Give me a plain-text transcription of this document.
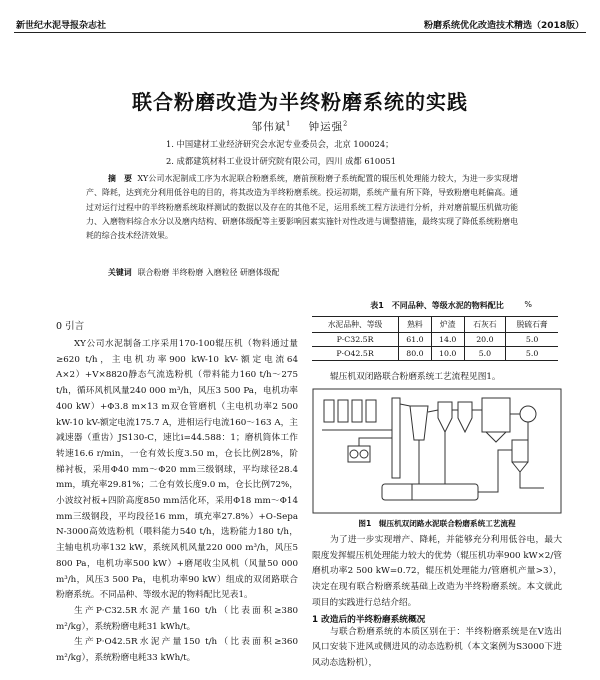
新世纪水泥导报杂志社	粉磨系统优化改造技术精选（2018版）
联合粉磨改造为半终粉磨系统的实践
邹伟斌$^1$ 钟运强$^2$
1. 中国建材工业经济研究会水泥专业委员会，北京 100024；
2. 成都建筑材料工业设计研究院有限公司，四川 成都 610051
摘　要 XY公司水泥制成工序为水泥联合粉磨系统，磨前预粉磨子系统配置的辊压机处理能力较大，为进一步实现增产、降耗，达到充分利用低谷电的目的，将其改造为半终粉磨系统。投运初期，系统产量有所下降，导致粉磨电耗偏高。通过对运行过程中的半终粉磨系统取样测试的数据以及存在的其他不足，运用系统工程方法进行分析，并对磨前辊压机做功能力、入磨物料综合水分以及磨内结构、研磨体级配等主要影响因素实施针对性改进与调整措施，最终实现了降低系统粉磨电耗的综合技术经济效果。
关键词 联合粉磨 半终粉磨 入磨粒径 研磨体级配
0 引言
XY公司水泥制备工序采用170-100辊压机（物料通过量≥620 t/h，主电机功率900 kW-10 kV-额定电流64 A×2）+V×8820静态气流选粉机（带料能力160 t/h～275 t/h，循环风机风量240 000 m³/h，风压3 500 Pa，电机功率400 kW）+Φ3.8 m×13 m双仓管磨机（主电机功率2 500 kW-10 kV-额定电流175.7 A，进相运行电流160～163 A，主减速器（重齿）JS130-C，速比i=44.588：1；磨机筒体工作转速16.6 r/min，一仓有效长度3.50 m，仓长比例28%，阶梯衬板，采用Φ40 mm～Φ20 mm三级钢球，平均球径28.4 mm，填充率29.81%；二仓有效长度9.0 m，仓长比例72%，小波纹衬板+四阶高度850 mm活化环，采用Φ18 mm～Φ14 mm三级钢段，平均段径16 mm，填充率27.8%）+O-Sepa N-3000高效选粉机（喂料能力540 t/h，选粉能力180 t/h，主轴电机功率132 kW，系统风机风量220 000 m³/h，风压5 800 Pa，电机功率500 kW）+磨尾收尘风机（风量50 000 m³/h，风压3 500 Pa，电机功率90 kW）组成的双闭路联合粉磨系统。不同品种、等级水泥的物料配比见表1。
生产P·C32.5R水泥产量160 t/h（比表面积≥380 m²/kg），系统粉磨电耗31 kWh/t。
生产P·O42.5R水泥产量150 t/h（比表面积≥360 m²/kg），系统粉磨电耗33 kWh/t。
表1　不同品种、等级水泥的物料配比	%
水泥品种、等级	熟料	炉渣	石灰石	脱硫石膏
P·C32.5R	61.0	14.0	20.0	5.0
P·O42.5R	80.0	10.0	5.0	5.0
辊压机双闭路联合粉磨系统工艺流程见图1。
图1　辊压机双闭路水泥联合粉磨系统工艺流程
为了进一步实现增产、降耗，并能够充分利用低谷电，最大限度发挥辊压机处理能力较大的优势（辊压机功率900 kW×2/管磨机功率2 500 kW=0.72，辊压机处理能力/管磨机产量>3），决定在现有联合粉磨系统基础上改造为半终粉磨系统。本文就此项目的实践进行总结介绍。
1 改造后的半终粉磨系统概况
与联合粉磨系统的本质区别在于：半终粉磨系统是在V选出风口安装下进风或侧进风的动态选粉机（本文案例为S3000下进风动态选粉机），
